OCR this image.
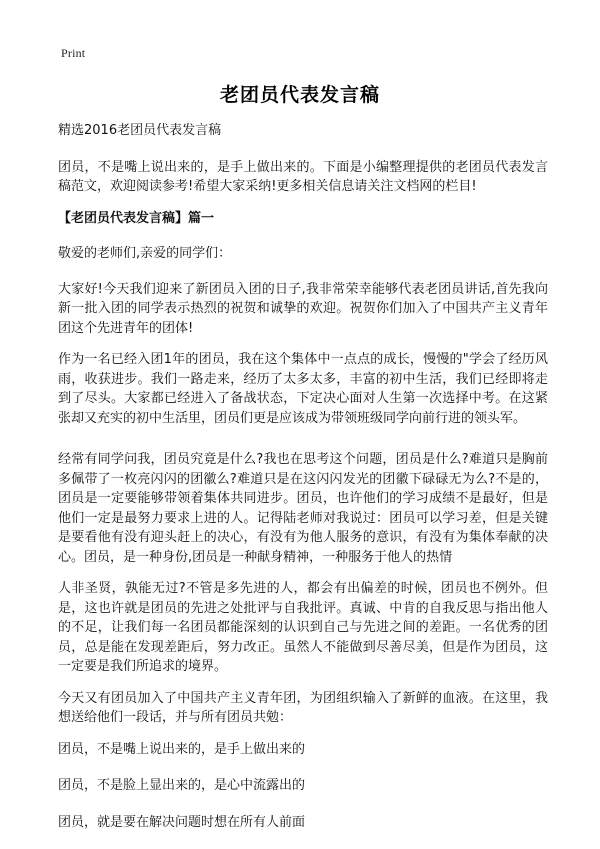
Print
老团员代表发言稿

精选2016老团员代表发言稿

团员，不是嘴上说出来的，是手上做出来的。下面是小编整理提供的老团员代表发言稿范文，欢迎阅读参考!希望大家采纳!更多相关信息请关注文档网的栏目!

【老团员代表发言稿】篇一

敬爱的老师们,亲爱的同学们：

大家好!今天我们迎来了新团员入团的日子,我非常荣幸能够代表老团员讲话,首先我向新一批入团的同学表示热烈的祝贺和诚挚的欢迎。祝贺你们加入了中国共产主义青年团这个先进青年的团体!

作为一名已经入团1年的团员，我在这个集体中一点点的成长，慢慢的"学会了经历风雨，收获进步。我们一路走来，经历了太多太多，丰富的初中生活，我们已经即将走到了尽头。大家都已经进入了备战状态，下定决心面对人生第一次选择中考。在这紧张却又充实的初中生活里，团员们更是应该成为带领班级同学向前行进的领头军。

经常有同学问我，团员究竟是什么?我也在思考这个问题，团员是什么?难道只是胸前多佩带了一枚亮闪闪的团徽么?难道只是在这闪闪发光的团徽下碌碌无为么?不是的，团员是一定要能够带领着集体共同进步。团员，也许他们的学习成绩不是最好，但是他们一定是最努力要求上进的人。记得陆老师对我说过：团员可以学习差，但是关键是要看他有没有迎头赶上的决心，有没有为他人服务的意识，有没有为集体奉献的决心。团员，是一种身份,团员是一种献身精神，一种服务于他人的热情

人非圣贤，孰能无过?不管是多先进的人，都会有出偏差的时候，团员也不例外。但是，这也许就是团员的先进之处批评与自我批评。真诚、中肯的自我反思与指出他人的不足，让我们每一名团员都能深刻的认识到自己与先进之间的差距。一名优秀的团员，总是能在发现差距后，努力改正。虽然人不能做到尽善尽美，但是作为团员，这一定要是我们所追求的境界。

今天又有团员加入了中国共产主义青年团，为团组织输入了新鲜的血液。在这里，我想送给他们一段话，并与所有团员共勉：

团员，不是嘴上说出来的，是手上做出来的

团员，不是脸上显出来的，是心中流露出的

团员，就是要在解决问题时想在所有人前面
